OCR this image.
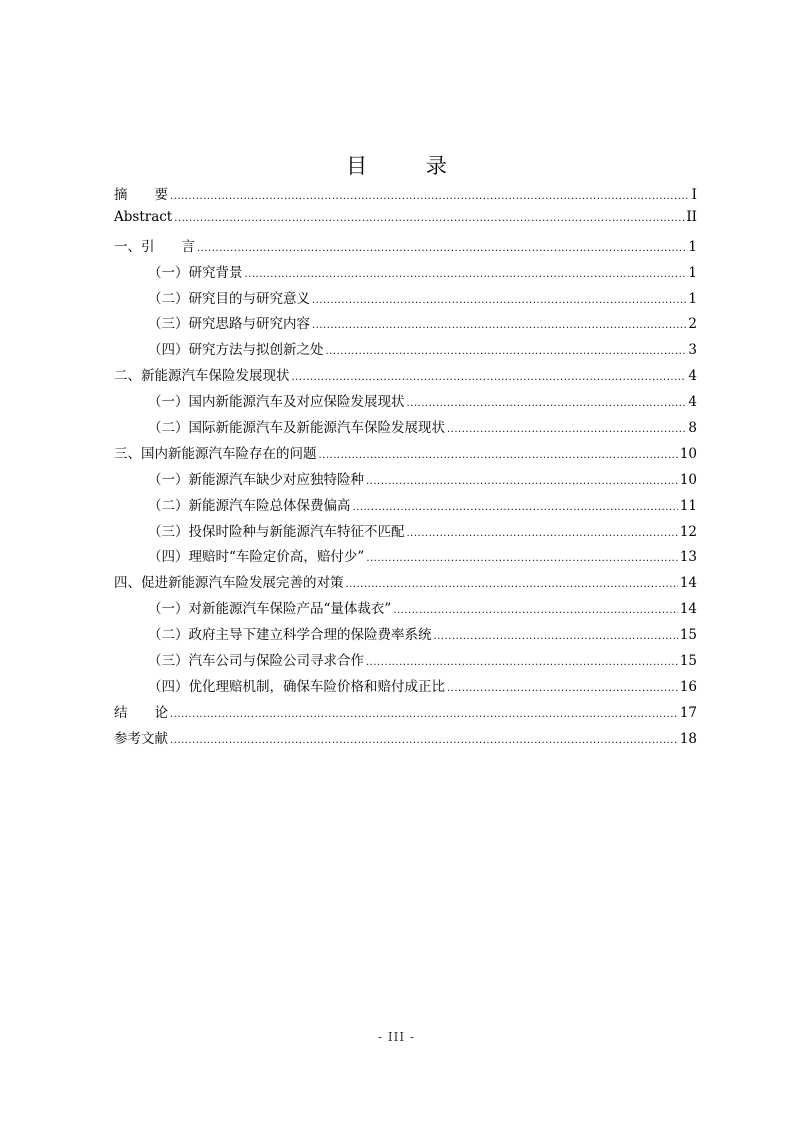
目 录
摘　　要 .....	I
Abstract .....	II
一、引　　言 .....	1
（一）研究背景 .....	1
（二）研究目的与研究意义 .....	1
（三）研究思路与研究内容 .....	2
（四）研究方法与拟创新之处 .....	3
二、新能源汽车保险发展现状 .....	4
（一）国内新能源汽车及对应保险发展现状 .....	4
（二）国际新能源汽车及新能源汽车保险发展现状 .....	8
三、国内新能源汽车险存在的问题 .....	10
（一）新能源汽车缺少对应独特险种 .....	10
（二）新能源汽车险总体保费偏高 .....	11
（三）投保时险种与新能源汽车特征不匹配 .....	12
（四）理赔时“车险定价高，赔付少” .....	13
四、促进新能源汽车险发展完善的对策 .....	14
（一）对新能源汽车保险产品“量体裁衣” .....	14
（二）政府主导下建立科学合理的保险费率系统 .....	15
（三）汽车公司与保险公司寻求合作 .....	15
（四）优化理赔机制，确保车险价格和赔付成正比 .....	16
结　　论 .....	17
参考文献 .....	18
- III -
